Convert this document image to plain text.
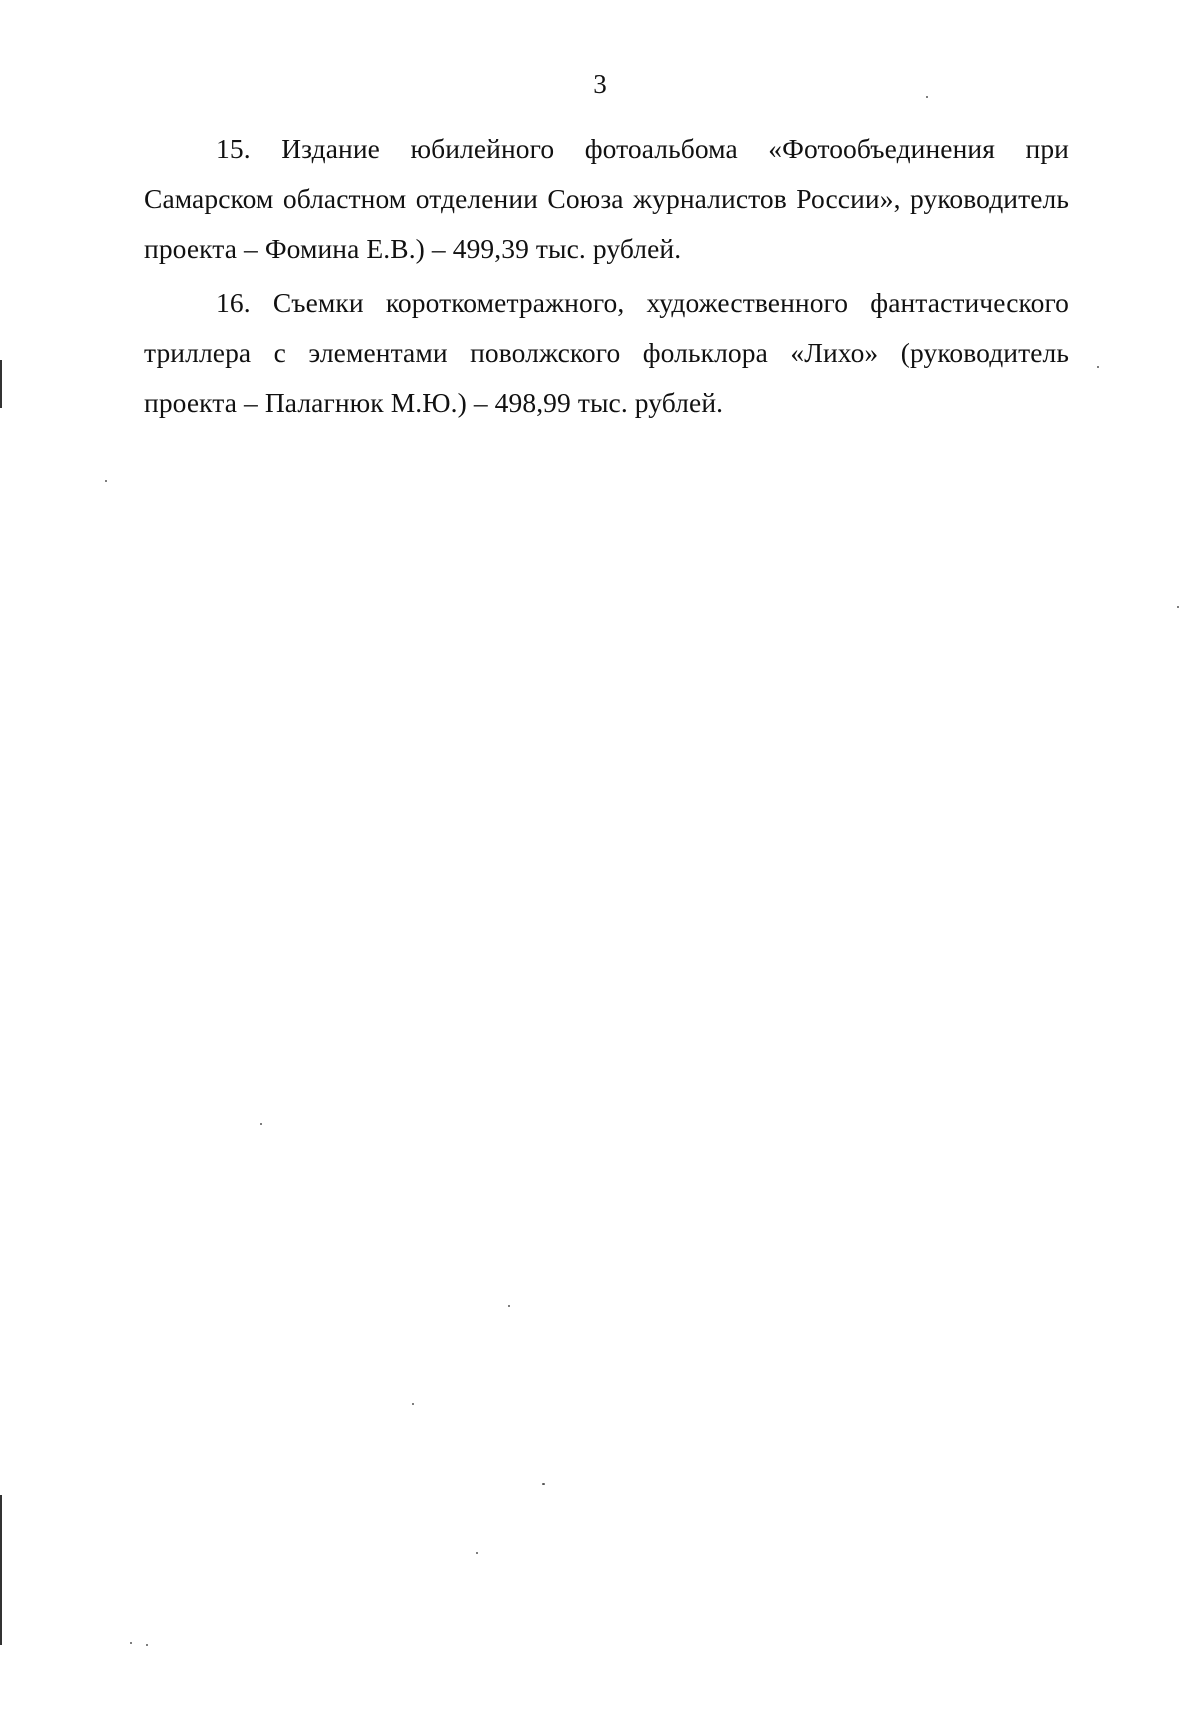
3

15. Издание юбилейного фотоальбома «Фотообъединения при Самарском областном отделении Союза журналистов России», руководитель проекта – Фомина Е.В.) – 499,39 тыс. рублей.

16. Съемки короткометражного, художественного фантастического триллера с элементами поволжского фольклора «Лихо» (руководитель проекта – Палагнюк М.Ю.) – 498,99 тыс. рублей.
